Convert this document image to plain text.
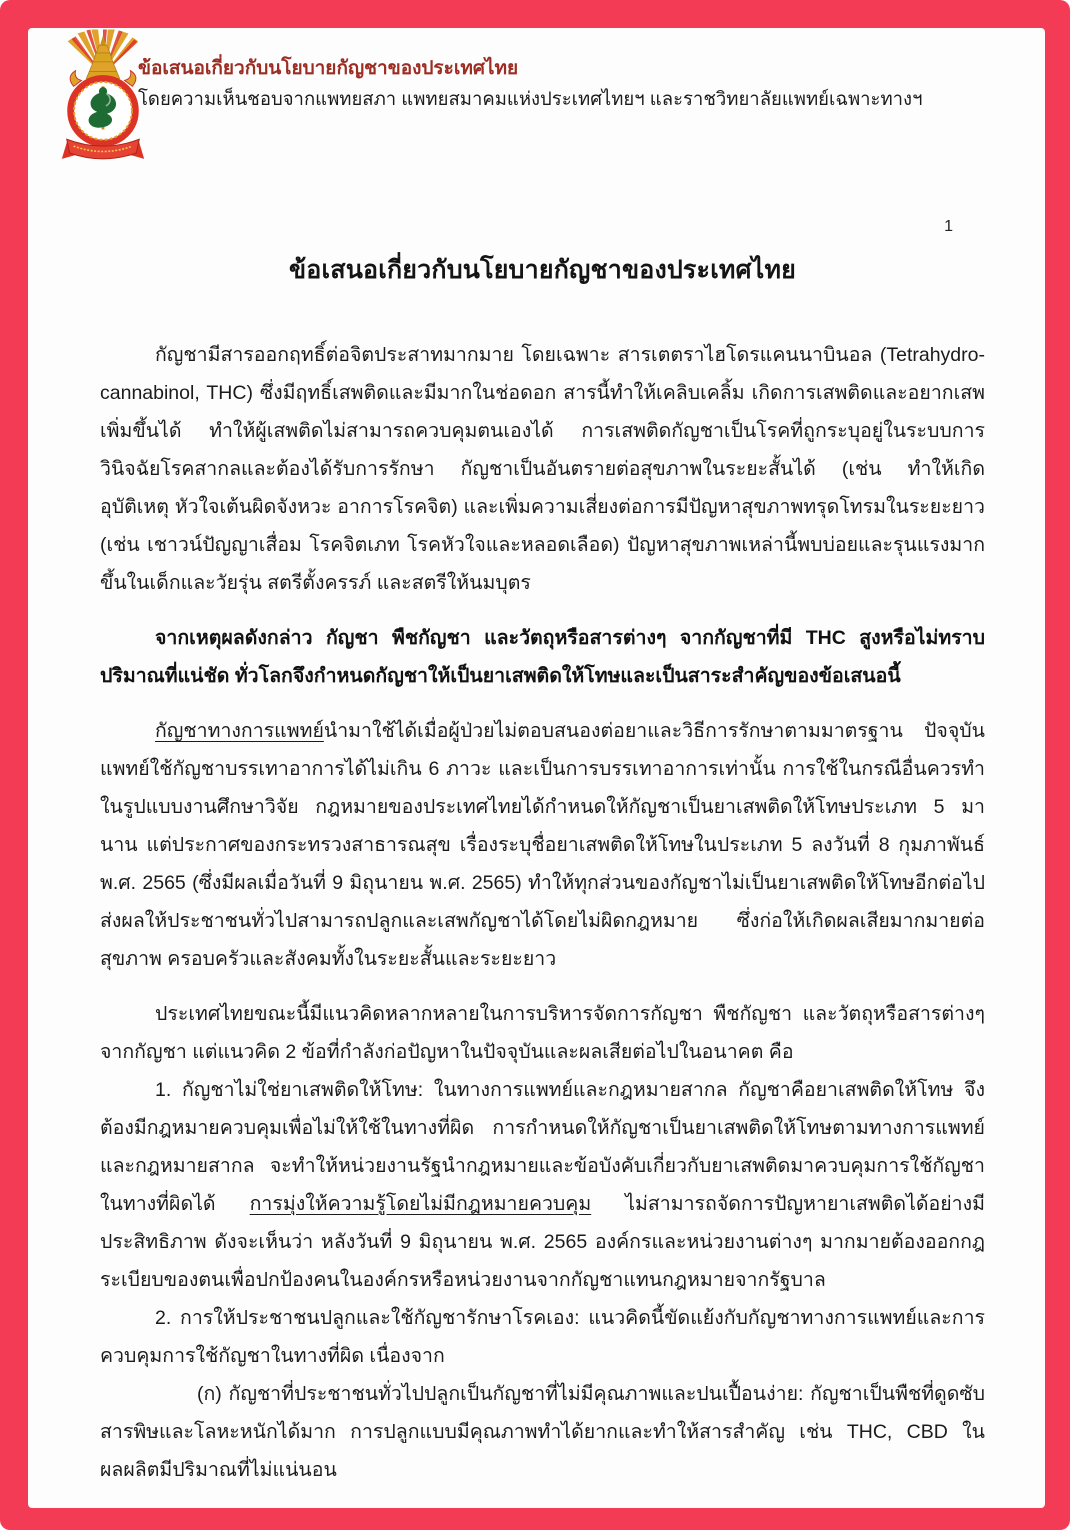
ข้อเสนอเกี่ยวกับนโยบายกัญชาของประเทศไทย
โดยความเห็นชอบจากแพทยสภา แพทยสมาคมแห่งประเทศไทยฯ และราชวิทยาลัยแพทย์เฉพาะทางฯ
1
ข้อเสนอเกี่ยวกับนโยบายกัญชาของประเทศไทย

กัญชามีสารออกฤทธิ์ต่อจิตประสาทมากมาย โดยเฉพาะ สารเตตราไฮโดรแคนนาบินอล (Tetrahydro-cannabinol, THC) ซึ่งมีฤทธิ์เสพติดและมีมากในช่อดอก สารนี้ทำให้เคลิบเคลิ้ม เกิดการเสพติดและอยากเสพเพิ่มขึ้นได้ ทำให้ผู้เสพติดไม่สามารถควบคุมตนเองได้ การเสพติดกัญชาเป็นโรคที่ถูกระบุอยู่ในระบบการวินิจฉัยโรคสากลและต้องได้รับการรักษา กัญชาเป็นอันตรายต่อสุขภาพในระยะสั้นได้ (เช่น ทำให้เกิดอุบัติเหตุ หัวใจเต้นผิดจังหวะ อาการโรคจิต) และเพิ่มความเสี่ยงต่อการมีปัญหาสุขภาพทรุดโทรมในระยะยาว (เช่น เชาวน์ปัญญาเสื่อม โรคจิตเภท โรคหัวใจและหลอดเลือด) ปัญหาสุขภาพเหล่านี้พบบ่อยและรุนแรงมากขึ้นในเด็กและวัยรุ่น สตรีตั้งครรภ์ และสตรีให้นมบุตร

จากเหตุผลดังกล่าว กัญชา พืชกัญชา และวัตถุหรือสารต่างๆ จากกัญชาที่มี THC สูงหรือไม่ทราบปริมาณที่แน่ชัด ทั่วโลกจึงกำหนดกัญชาให้เป็นยาเสพติดให้โทษและเป็นสาระสำคัญของข้อเสนอนี้

กัญชาทางการแพทย์นำมาใช้ได้เมื่อผู้ป่วยไม่ตอบสนองต่อยาและวิธีการรักษาตามมาตรฐาน ปัจจุบันแพทย์ใช้กัญชาบรรเทาอาการได้ไม่เกิน 6 ภาวะ และเป็นการบรรเทาอาการเท่านั้น การใช้ในกรณีอื่นควรทำในรูปแบบงานศึกษาวิจัย กฎหมายของประเทศไทยได้กำหนดให้กัญชาเป็นยาเสพติดให้โทษประเภท 5 มานาน แต่ประกาศของกระทรวงสาธารณสุข เรื่องระบุชื่อยาเสพติดให้โทษในประเภท 5 ลงวันที่ 8 กุมภาพันธ์ พ.ศ. 2565 (ซึ่งมีผลเมื่อวันที่ 9 มิถุนายน พ.ศ. 2565) ทำให้ทุกส่วนของกัญชาไม่เป็นยาเสพติดให้โทษอีกต่อไป ส่งผลให้ประชาชนทั่วไปสามารถปลูกและเสพกัญชาได้โดยไม่ผิดกฎหมาย ซึ่งก่อให้เกิดผลเสียมากมายต่อสุขภาพ ครอบครัวและสังคมทั้งในระยะสั้นและระยะยาว

ประเทศไทยขณะนี้มีแนวคิดหลากหลายในการบริหารจัดการกัญชา พืชกัญชา และวัตถุหรือสารต่างๆ จากกัญชา แต่แนวคิด 2 ข้อที่กำลังก่อปัญหาในปัจจุบันและผลเสียต่อไปในอนาคต คือ

1. กัญชาไม่ใช่ยาเสพติดให้โทษ: ในทางการแพทย์และกฎหมายสากล กัญชาคือยาเสพติดให้โทษ จึงต้องมีกฎหมายควบคุมเพื่อไม่ให้ใช้ในทางที่ผิด การกำหนดให้กัญชาเป็นยาเสพติดให้โทษตามทางการแพทย์และกฎหมายสากล จะทำให้หน่วยงานรัฐนำกฎหมายและข้อบังคับเกี่ยวกับยาเสพติดมาควบคุมการใช้กัญชาในทางที่ผิดได้ การมุ่งให้ความรู้โดยไม่มีกฎหมายควบคุม ไม่สามารถจัดการปัญหายาเสพติดได้อย่างมีประสิทธิภาพ ดังจะเห็นว่า หลังวันที่ 9 มิถุนายน พ.ศ. 2565 องค์กรและหน่วยงานต่างๆ มากมายต้องออกกฎระเบียบของตนเพื่อปกป้องคนในองค์กรหรือหน่วยงานจากกัญชาแทนกฎหมายจากรัฐบาล

2. การให้ประชาชนปลูกและใช้กัญชารักษาโรคเอง: แนวคิดนี้ขัดแย้งกับกัญชาทางการแพทย์และการควบคุมการใช้กัญชาในทางที่ผิด เนื่องจาก

(ก) กัญชาที่ประชาชนทั่วไปปลูกเป็นกัญชาที่ไม่มีคุณภาพและปนเปื้อนง่าย: กัญชาเป็นพืชที่ดูดซับสารพิษและโลหะหนักได้มาก การปลูกแบบมีคุณภาพทำได้ยากและทำให้สารสำคัญ เช่น THC, CBD ในผลผลิตมีปริมาณที่ไม่แน่นอน
